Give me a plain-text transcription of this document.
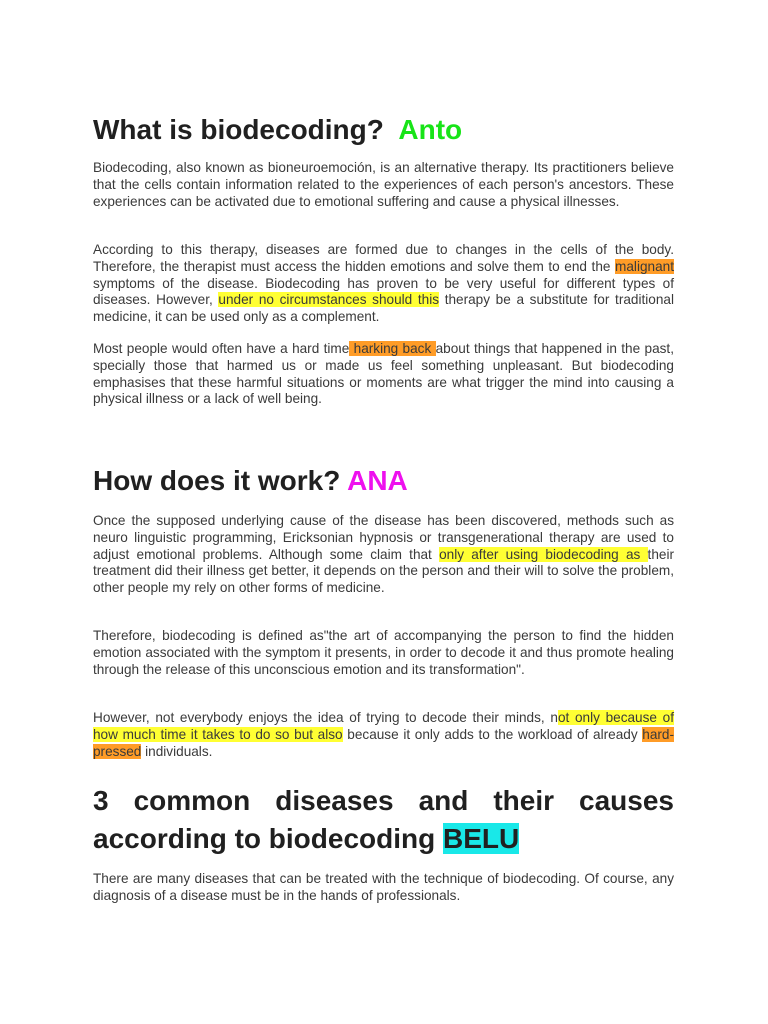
What is biodecoding? Anto

Biodecoding, also known as bioneuroemoción, is an alternative therapy. Its practitioners believe that the cells contain information related to the experiences of each person's ancestors. These experiences can be activated due to emotional suffering and cause a physical illnesses.

According to this therapy, diseases are formed due to changes in the cells of the body. Therefore, the therapist must access the hidden emotions and solve them to end the malignant symptoms of the disease. Biodecoding has proven to be very useful for different types of diseases. However, under no circumstances should this therapy be a substitute for traditional medicine, it can be used only as a complement.

Most people would often have a hard time harking back about things that happened in the past, specially those that harmed us or made us feel something unpleasant. But biodecoding emphasises that these harmful situations or moments are what trigger the mind into causing a physical illness or a lack of well being.

How does it work? ANA

Once the supposed underlying cause of the disease has been discovered, methods such as neuro linguistic programming, Ericksonian hypnosis or transgenerational therapy are used to adjust emotional problems. Although some claim that only after using biodecoding as their treatment did their illness get better, it depends on the person and their will to solve the problem, other people my rely on other forms of medicine.

Therefore, biodecoding is defined as"the art of accompanying the person to find the hidden emotion associated with the symptom it presents, in order to decode it and thus promote healing through the release of this unconscious emotion and its transformation".

However, not everybody enjoys the idea of trying to decode their minds, not only because of how much time it takes to do so but also because it only adds to the workload of already hard-pressed individuals.

3 common diseases and their causes
according to biodecoding BELU

There are many diseases that can be treated with the technique of biodecoding. Of course, any diagnosis of a disease must be in the hands of professionals.
